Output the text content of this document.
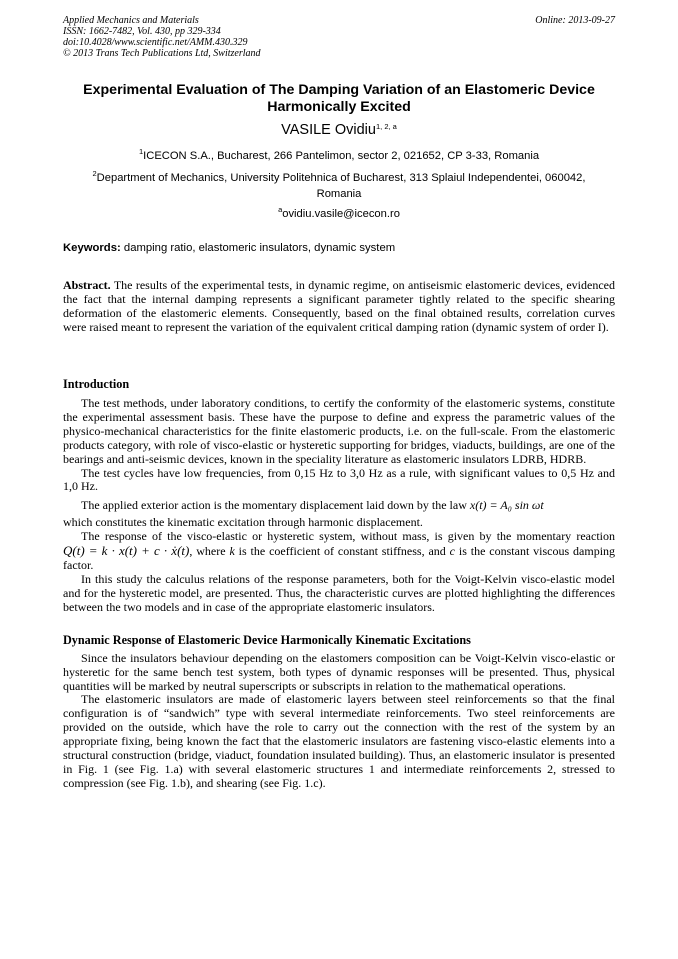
Applied Mechanics and Materials
ISSN: 1662-7482, Vol. 430, pp 329-334
doi:10.4028/www.scientific.net/AMM.430.329
© 2013 Trans Tech Publications Ltd, Switzerland
Online: 2013-09-27
Experimental Evaluation of The Damping Variation of an Elastomeric Device Harmonically Excited
VASILE Ovidiu$^{1, 2, a}$
$^1$ICECON S.A., Bucharest, 266 Pantelimon, sector 2, 021652, CP 3-33, Romania
$^2$Department of Mechanics, University Politehnica of Bucharest, 313 Splaiul Independentei, 060042, Romania
$^a$ovidiu.vasile@icecon.ro
Keywords: damping ratio, elastomeric insulators, dynamic system

Abstract. The results of the experimental tests, in dynamic regime, on antiseismic elastomeric devices, evidenced the fact that the internal damping represents a significant parameter tightly related to the specific shearing deformation of the elastomeric elements. Consequently, based on the final obtained results, correlation curves were raised meant to represent the variation of the equivalent critical damping ration (dynamic system of order I).

Introduction

The test methods, under laboratory conditions, to certify the conformity of the elastomeric systems, constitute the experimental assessment basis. These have the purpose to define and express the parametric values of the physico-mechanical characteristics for the finite elastomeric products, i.e. on the full-scale. From the elastomeric products category, with role of visco-elastic or hysteretic supporting for bridges, viaducts, buildings, are one of the bearings and anti-seismic devices, known in the speciality literature as elastomeric insulators LDRB, HDRB.

The test cycles have low frequencies, from 0,15 Hz to 3,0 Hz as a rule, with significant values to 0,5 Hz and 1,0 Hz.

The applied exterior action is the momentary displacement laid down by the law x(t) = A₀ sin ωt

which constitutes the kinematic excitation through harmonic displacement.

The response of the visco-elastic or hysteretic system, without mass, is given by the momentary reaction Q(t) = k · x(t) + c · ẋ(t), where k is the coefficient of constant stiffness, and c is the constant viscous damping factor.

In this study the calculus relations of the response parameters, both for the Voigt-Kelvin visco-elastic model and for the hysteretic model, are presented. Thus, the characteristic curves are plotted highlighting the differences between the two models and in case of the appropriate elastomeric insulators.

Dynamic Response of Elastomeric Device Harmonically Kinematic Excitations

Since the insulators behaviour depending on the elastomers composition can be Voigt-Kelvin visco-elastic or hysteretic for the same bench test system, both types of dynamic responses will be presented. Thus, physical quantities will be marked by neutral superscripts or subscripts in relation to the mathematical operations.

The elastomeric insulators are made of elastomeric layers between steel reinforcements so that the final configuration is of “sandwich” type with several intermediate reinforcements. Two steel reinforcements are provided on the outside, which have the role to carry out the connection with the rest of the system by an appropriate fixing, being known the fact that the elastomeric insulators are fastening visco-elastic elements into a structural construction (bridge, viaduct, foundation insulated building). Thus, an elastomeric insulator is presented in Fig. 1 (see Fig. 1.a) with several elastomeric structures 1 and intermediate reinforcements 2, stressed to compression (see Fig. 1.b), and shearing (see Fig. 1.c).
